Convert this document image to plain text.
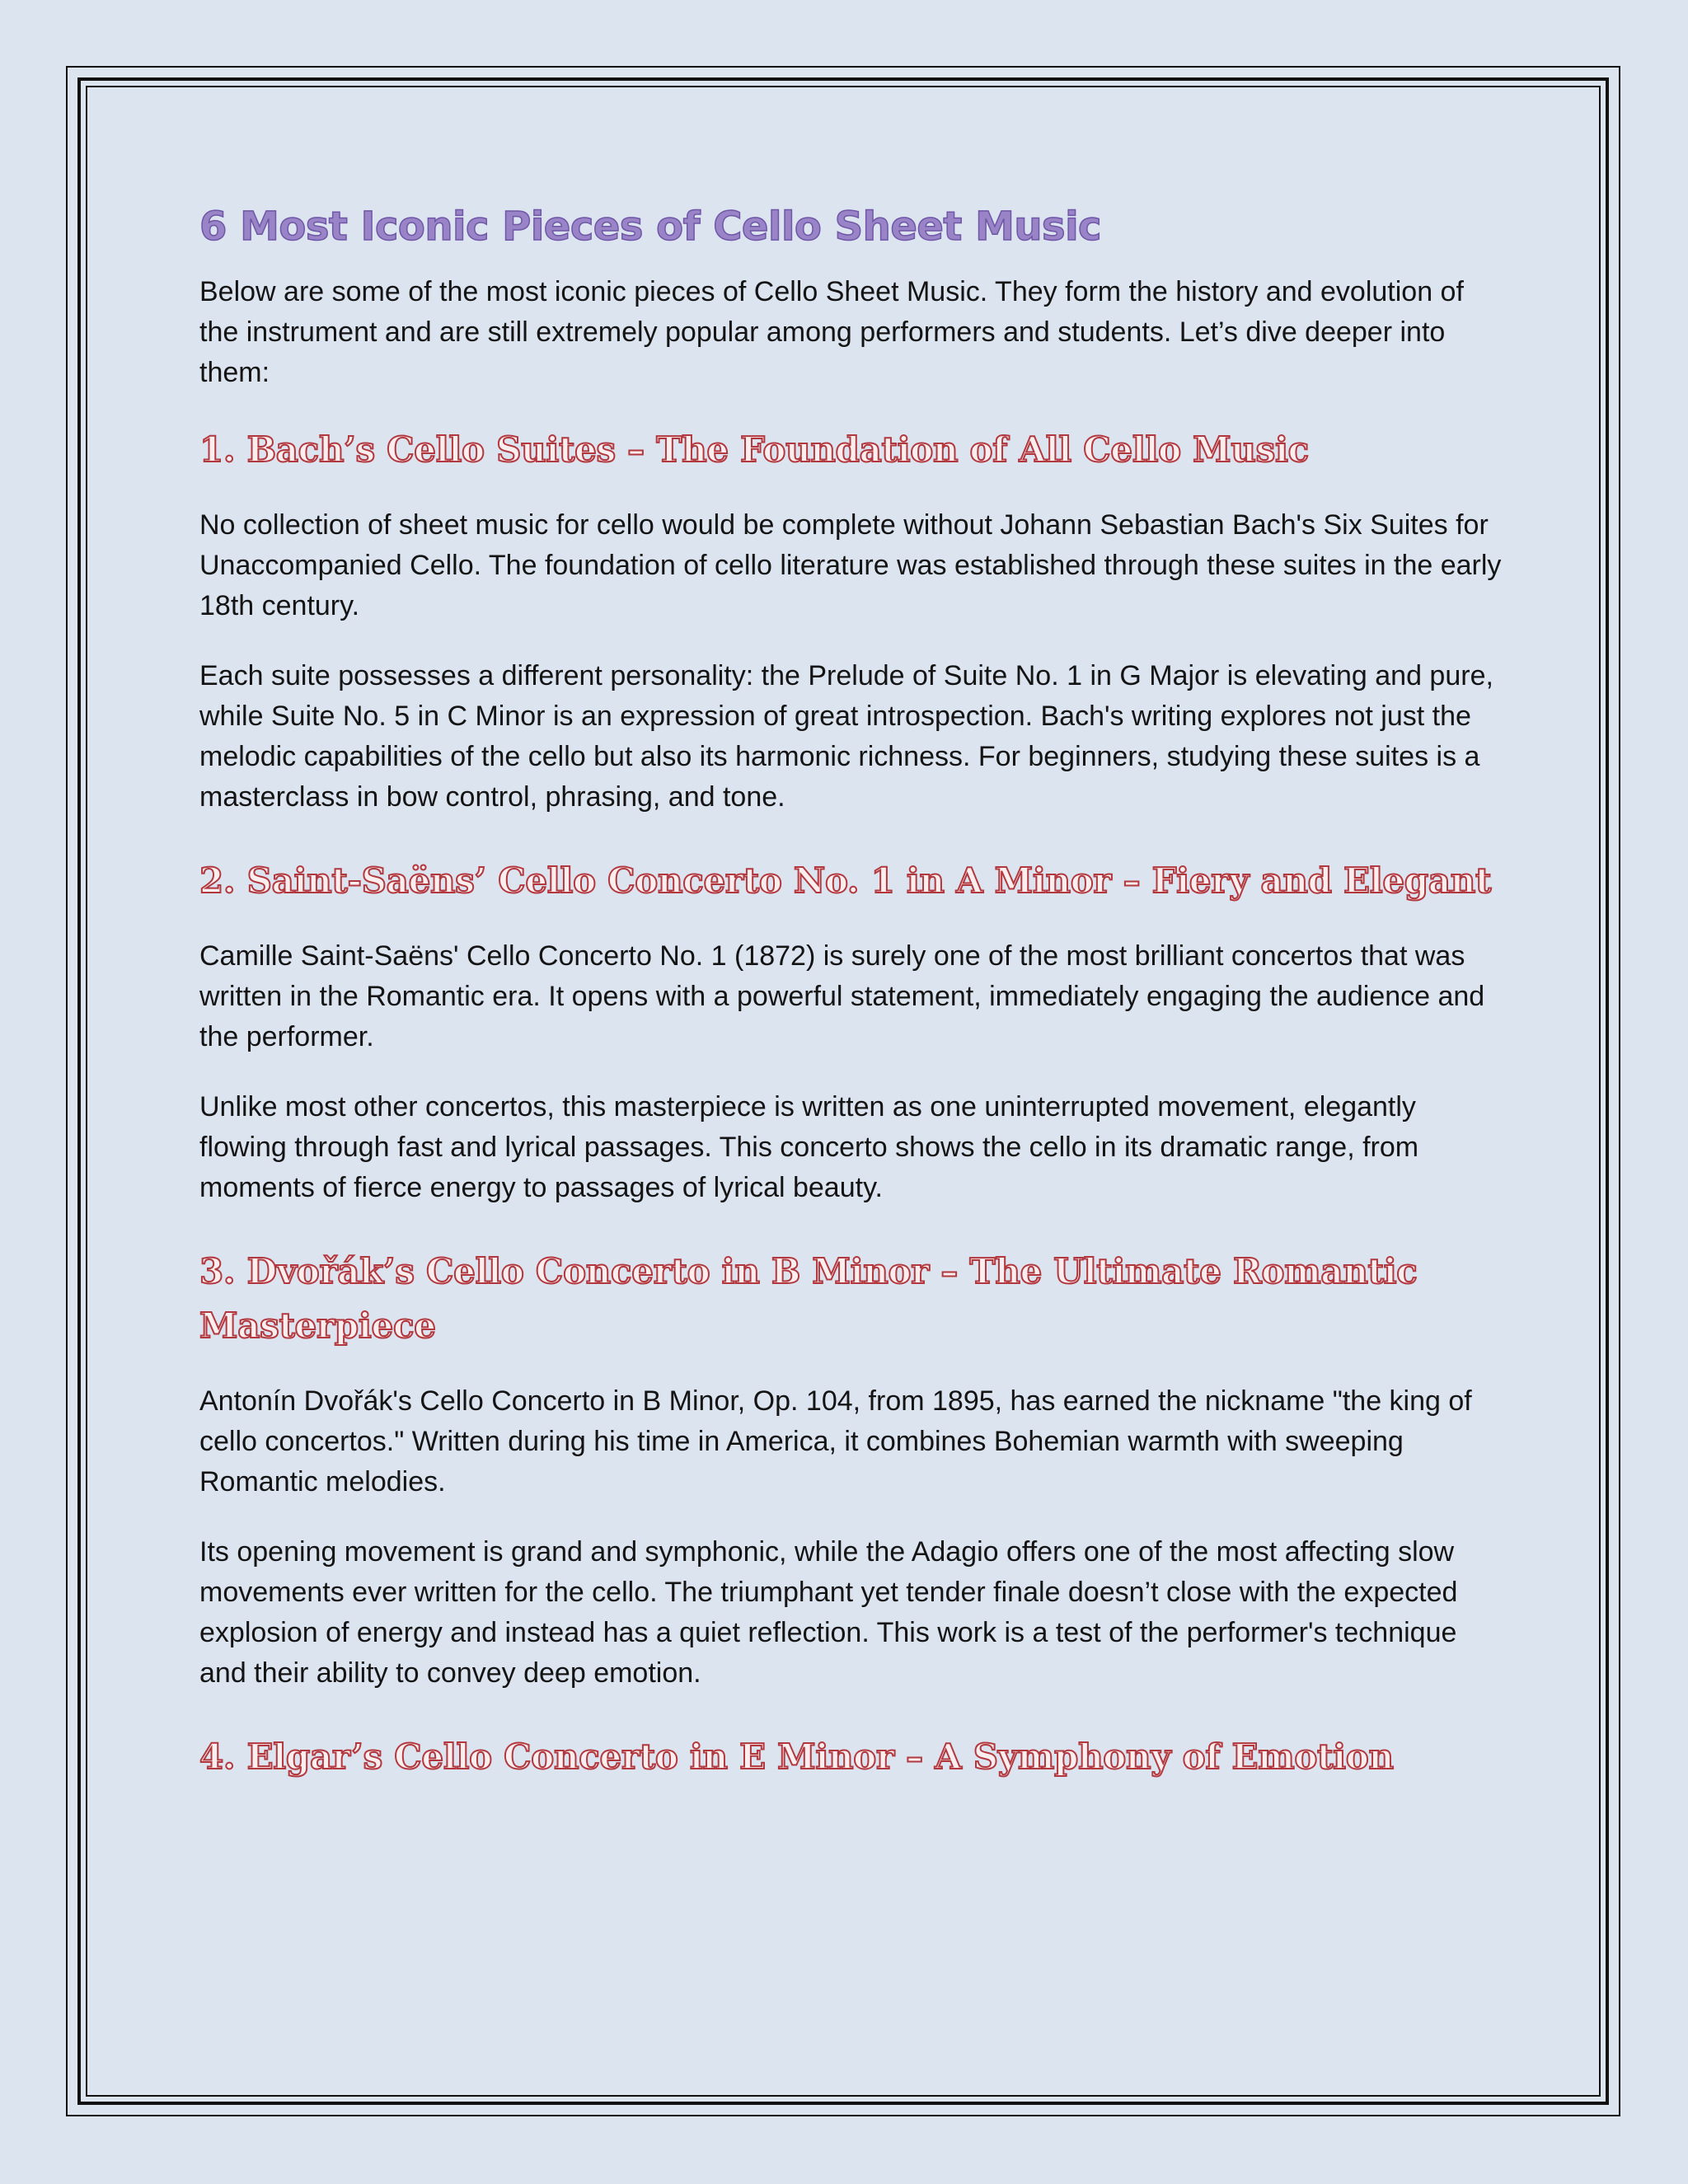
6 Most Iconic Pieces of Cello Sheet Music

Below are some of the most iconic pieces of Cello Sheet Music. They form the history and evolution of the instrument and are still extremely popular among performers and students. Let’s dive deeper into them:

1. Bach’s Cello Suites – The Foundation of All Cello Music

No collection of sheet music for cello would be complete without Johann Sebastian Bach's Six Suites for Unaccompanied Cello. The foundation of cello literature was established through these suites in the early 18th century.

Each suite possesses a different personality: the Prelude of Suite No. 1 in G Major is elevating and pure, while Suite No. 5 in C Minor is an expression of great introspection. Bach's writing explores not just the melodic capabilities of the cello but also its harmonic richness. For beginners, studying these suites is a masterclass in bow control, phrasing, and tone.

2. Saint-Saëns’ Cello Concerto No. 1 in A Minor – Fiery and Elegant

Camille Saint-Saëns' Cello Concerto No. 1 (1872) is surely one of the most brilliant concertos that was written in the Romantic era. It opens with a powerful statement, immediately engaging the audience and the performer.

Unlike most other concertos, this masterpiece is written as one uninterrupted movement, elegantly flowing through fast and lyrical passages. This concerto shows the cello in its dramatic range, from moments of fierce energy to passages of lyrical beauty.

3. Dvořák’s Cello Concerto in B Minor – The Ultimate Romantic Masterpiece

Antonín Dvořák's Cello Concerto in B Minor, Op. 104, from 1895, has earned the nickname "the king of cello concertos." Written during his time in America, it combines Bohemian warmth with sweeping Romantic melodies.

Its opening movement is grand and symphonic, while the Adagio offers one of the most affecting slow movements ever written for the cello. The triumphant yet tender finale doesn’t close with the expected explosion of energy and instead has a quiet reflection. This work is a test of the performer's technique and their ability to convey deep emotion.

4. Elgar’s Cello Concerto in E Minor – A Symphony of Emotion
